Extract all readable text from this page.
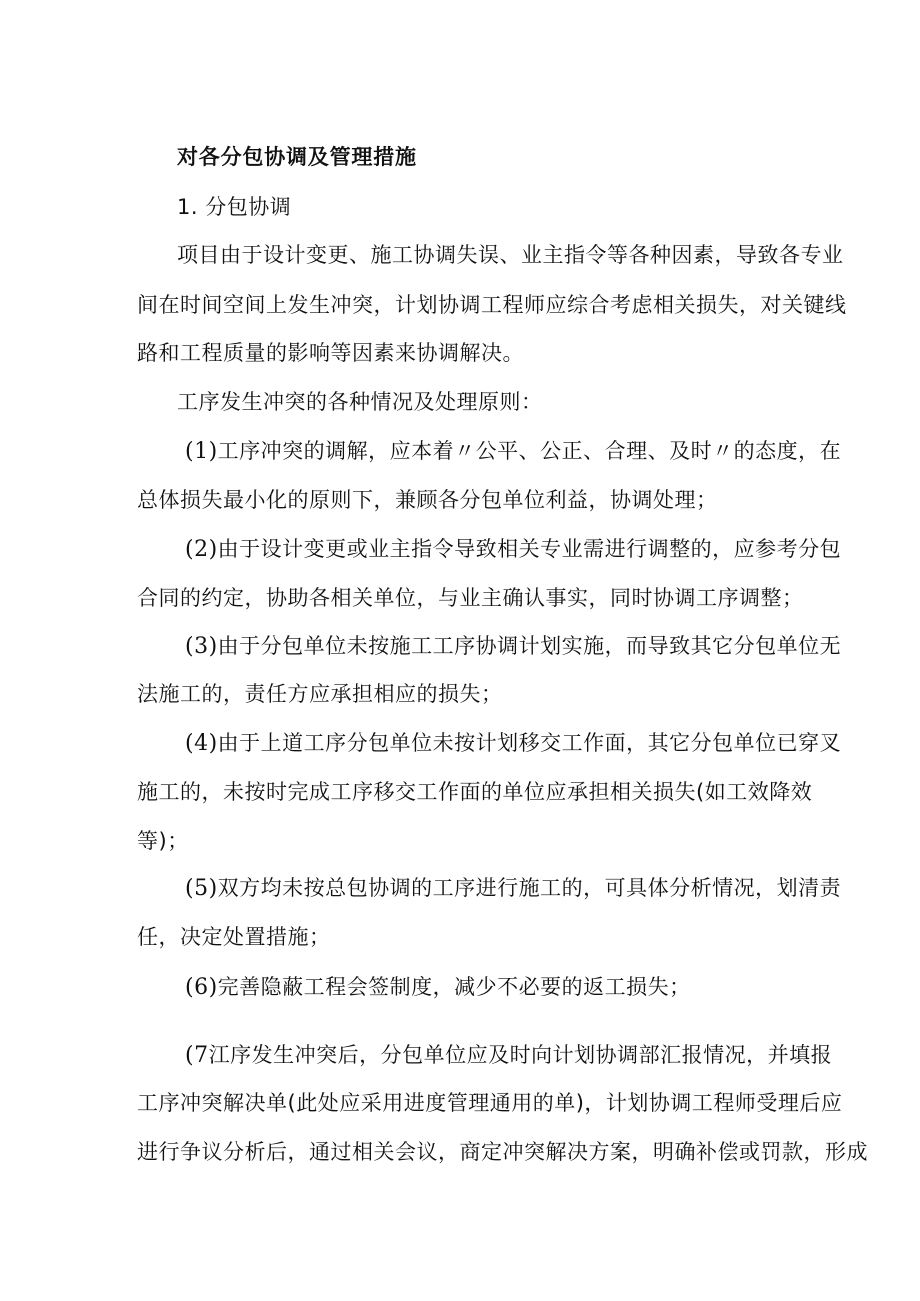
对各分包协调及管理措施
1. 分包协调
项目由于设计变更、施工协调失误、业主指令等各种因素，导致各专业
间在时间空间上发生冲突，计划协调工程师应综合考虑相关损失，对关键线
路和工程质量的影响等因素来协调解决。
工序发生冲突的各种情况及处理原则：
(1)工序冲突的调解，应本着〃公平、公正、合理、及时〃的态度，在
总体损失最小化的原则下，兼顾各分包单位利益，协调处理；
(2)由于设计变更或业主指令导致相关专业需进行调整的，应参考分包
合同的约定，协助各相关单位，与业主确认事实，同时协调工序调整；
(3)由于分包单位未按施工工序协调计划实施，而导致其它分包单位无
法施工的，责任方应承担相应的损失；
(4)由于上道工序分包单位未按计划移交工作面，其它分包单位已穿叉
施工的，未按时完成工序移交工作面的单位应承担相关损失(如工效降效
等)；
(5)双方均未按总包协调的工序进行施工的，可具体分析情况，划清责
任，决定处置措施；
(6)完善隐蔽工程会签制度，减少不必要的返工损失；
(7江序发生冲突后，分包单位应及时向计划协调部汇报情况，并填报
工序冲突解决单(此处应采用进度管理通用的单)，计划协调工程师受理后应
进行争议分析后，通过相关会议，商定冲突解决方案，明确补偿或罚款，形成
